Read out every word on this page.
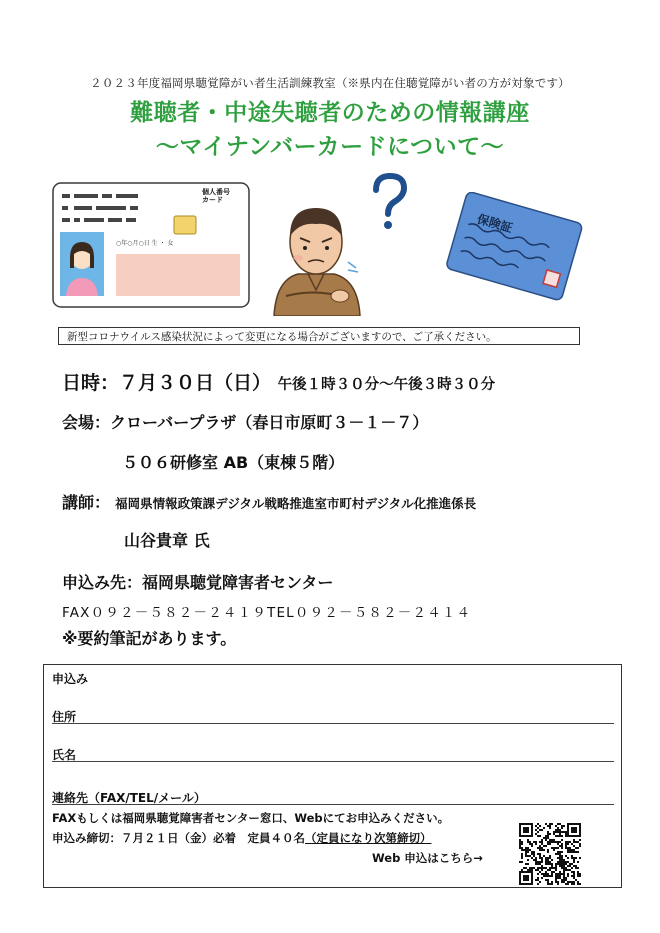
２０２３年度福岡県聴覚障がい者生活訓練教室（※県内在住聴覚障がい者の方が対象です）
難聴者・中途失聴者のための情報講座
～マイナンバーカードについて～
個人番号
カード
○年○月○日 生 ・ 女
保険証
新型コロナウイルス感染状況によって変更になる場合がございますので、ご了承ください。
日時：７月３０日（日） 午後１時３０分～午後３時３０分
会場：クローバープラザ（春日市原町３－１－７）
５０６研修室 AB（東棟５階）
講師： 福岡県情報政策課デジタル戦略推進室市町村デジタル化推進係長
山谷貴章 氏
申込み先：福岡県聴覚障害者センター
FAX０９２－５８２－２４１９TEL０９２－５８２－２４１４
※要約筆記があります。
申込み
住所
氏名
連絡先（FAX/TEL/メール）
FAXもしくは福岡県聴覚障害者センター窓口、Webにてお申込みください。
申込み締切：７月２１日（金）必着　定員４０名（定員になり次第締切）
Web 申込はこちら→
